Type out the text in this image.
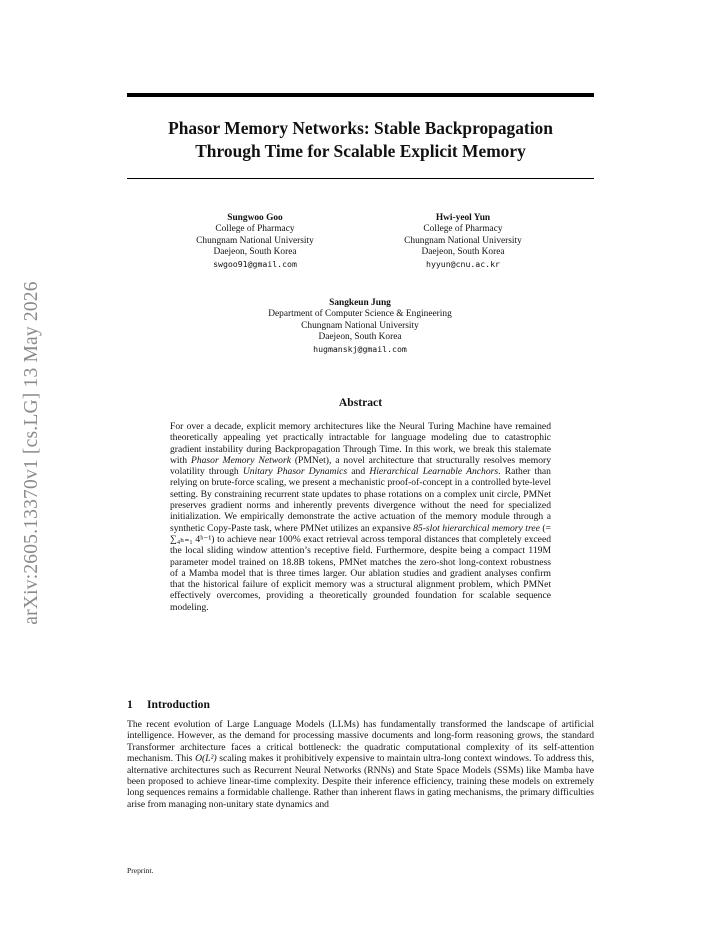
arXiv:2605.13370v1 [cs.LG] 13 May 2026
Phasor Memory Networks: Stable Backpropagation
Through Time for Scalable Explicit Memory
Sungwoo Goo
College of Pharmacy
Chungnam National University
Daejeon, South Korea
swgoo91@gmail.com
Hwi-yeol Yun
College of Pharmacy
Chungnam National University
Daejeon, South Korea
hyyun@cnu.ac.kr
Sangkeun Jung
Department of Computer Science & Engineering
Chungnam National University
Daejeon, South Korea
hugmanskj@gmail.com
Abstract

For over a decade, explicit memory architectures like the Neural Turing Machine have remained theoretically appealing yet practically intractable for language modeling due to catastrophic gradient instability during Backpropagation Through Time. In this work, we break this stalemate with Phasor Memory Network (PMNet), a novel architecture that structurally resolves memory volatility through Unitary Phasor Dynamics and Hierarchical Learnable Anchors. Rather than relying on brute-force scaling, we present a mechanistic proof-of-concept in a controlled byte-level setting. By constraining recurrent state updates to phase rotations on a complex unit circle, PMNet preserves gradient norms and inherently prevents divergence without the need for specialized initialization. We empirically demonstrate the active actuation of the memory module through a synthetic Copy-Paste task, where PMNet utilizes an expansive 85-slot hierarchical memory tree (= ∑₄ₕ₌₁ 4ʰ⁻¹) to achieve near 100% exact retrieval across temporal distances that completely exceed the local sliding window attention’s receptive field. Furthermore, despite being a compact 119M parameter model trained on 18.8B tokens, PMNet matches the zero-shot long-context robustness of a Mamba model that is three times larger. Our ablation studies and gradient analyses confirm that the historical failure of explicit memory was a structural alignment problem, which PMNet effectively overcomes, providing a theoretically grounded foundation for scalable sequence modeling.

1 Introduction

The recent evolution of Large Language Models (LLMs) has fundamentally transformed the landscape of artificial intelligence. However, as the demand for processing massive documents and long-form reasoning grows, the standard Transformer architecture faces a critical bottleneck: the quadratic computational complexity of its self-attention mechanism. This O(L²) scaling makes it prohibitively expensive to maintain ultra-long context windows. To address this, alternative architectures such as Recurrent Neural Networks (RNNs) and State Space Models (SSMs) like Mamba have been proposed to achieve linear-time complexity. Despite their inference efficiency, training these models on extremely long sequences remains a formidable challenge. Rather than inherent flaws in gating mechanisms, the primary difficulties arise from managing non-unitary state dynamics and

Preprint.
